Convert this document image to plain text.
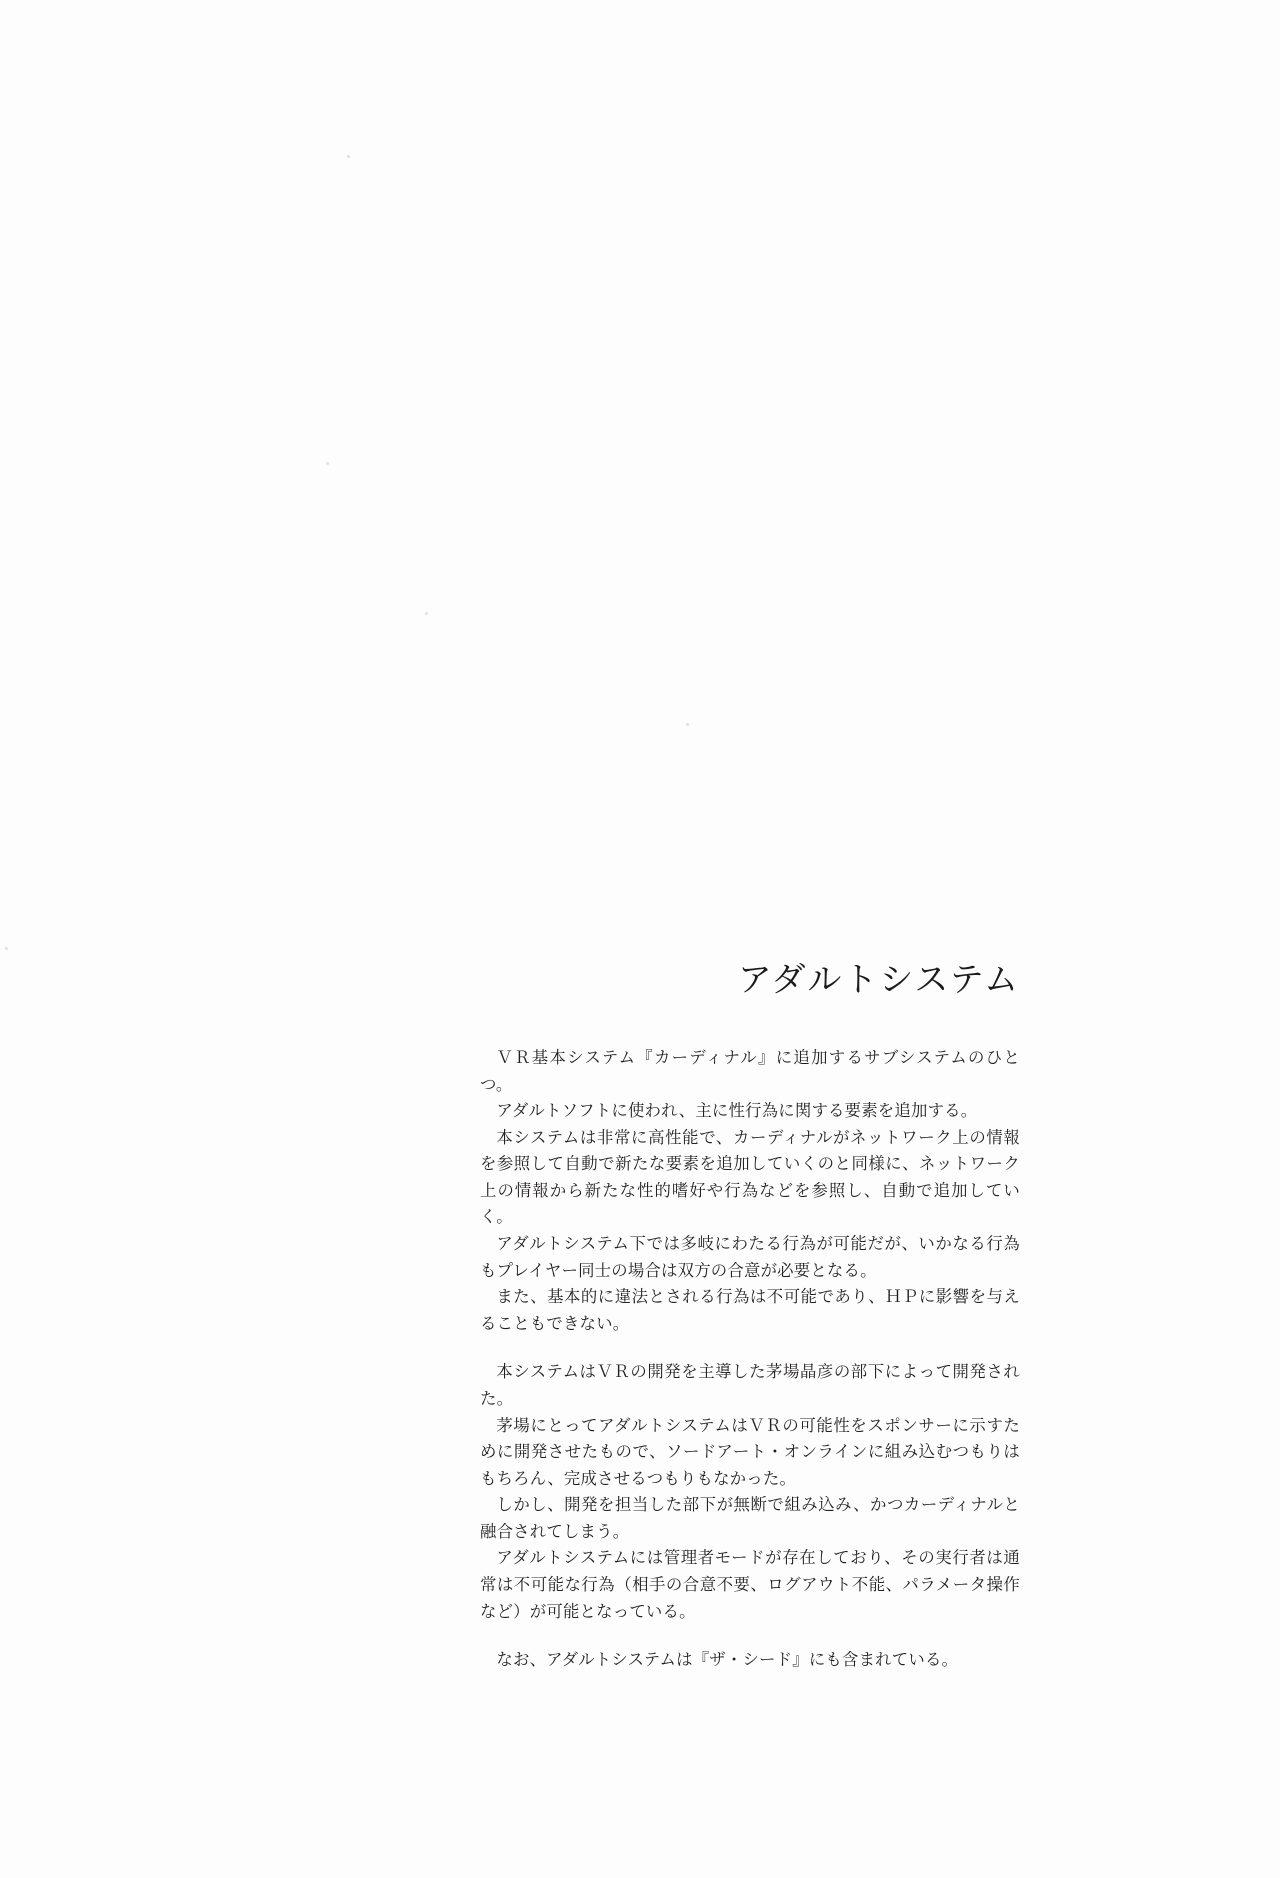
アダルトシステム

ＶＲ基本システム『カーディナル』に追加するサブシステムのひとつ。

アダルトソフトに使われ、主に性行為に関する要素を追加する。

本システムは非常に高性能で、カーディナルがネットワーク上の情報を参照して自動で新たな要素を追加していくのと同様に、ネットワーク上の情報から新たな性的嗜好や行為などを参照し、自動で追加していく。

アダルトシステム下では多岐にわたる行為が可能だが、いかなる行為もプレイヤー同士の場合は双方の合意が必要となる。

また、基本的に違法とされる行為は不可能であり、ＨＰに影響を与えることもできない。

本システムはＶＲの開発を主導した茅場晶彦の部下によって開発された。

茅場にとってアダルトシステムはＶＲの可能性をスポンサーに示すために開発させたもので、ソードアート・オンラインに組み込むつもりはもちろん、完成させるつもりもなかった。

しかし、開発を担当した部下が無断で組み込み、かつカーディナルと融合されてしまう。

アダルトシステムには管理者モードが存在しており、その実行者は通常は不可能な行為（相手の合意不要、ログアウト不能、パラメータ操作など）が可能となっている。

なお、アダルトシステムは『ザ・シード』にも含まれている。
